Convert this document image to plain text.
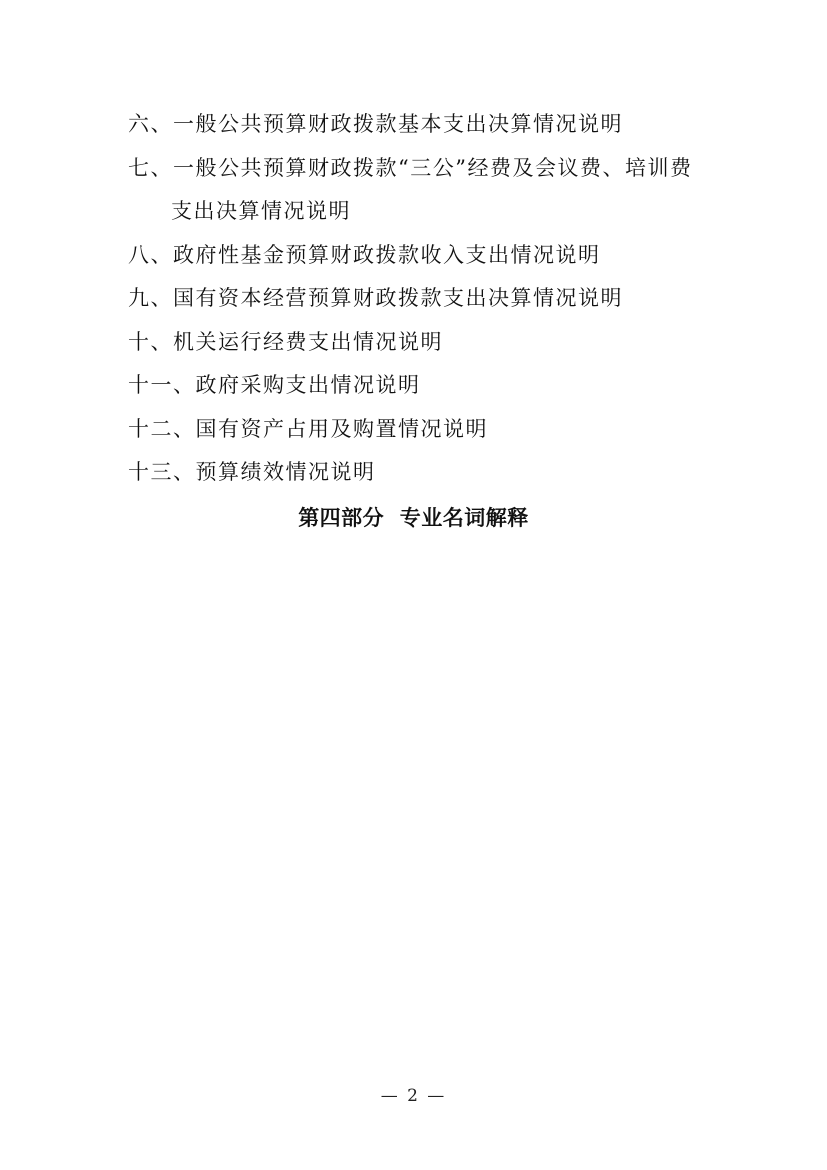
六、一般公共预算财政拨款基本支出决算情况说明
七、一般公共预算财政拨款“三公”经费及会议费、培训费
支出决算情况说明
八、政府性基金预算财政拨款收入支出情况说明
九、国有资本经营预算财政拨款支出决算情况说明
十、机关运行经费支出情况说明
十一、政府采购支出情况说明
十二、国有资产占用及购置情况说明
十三、预算绩效情况说明
第四部分  专业名词解释
— 2 —
